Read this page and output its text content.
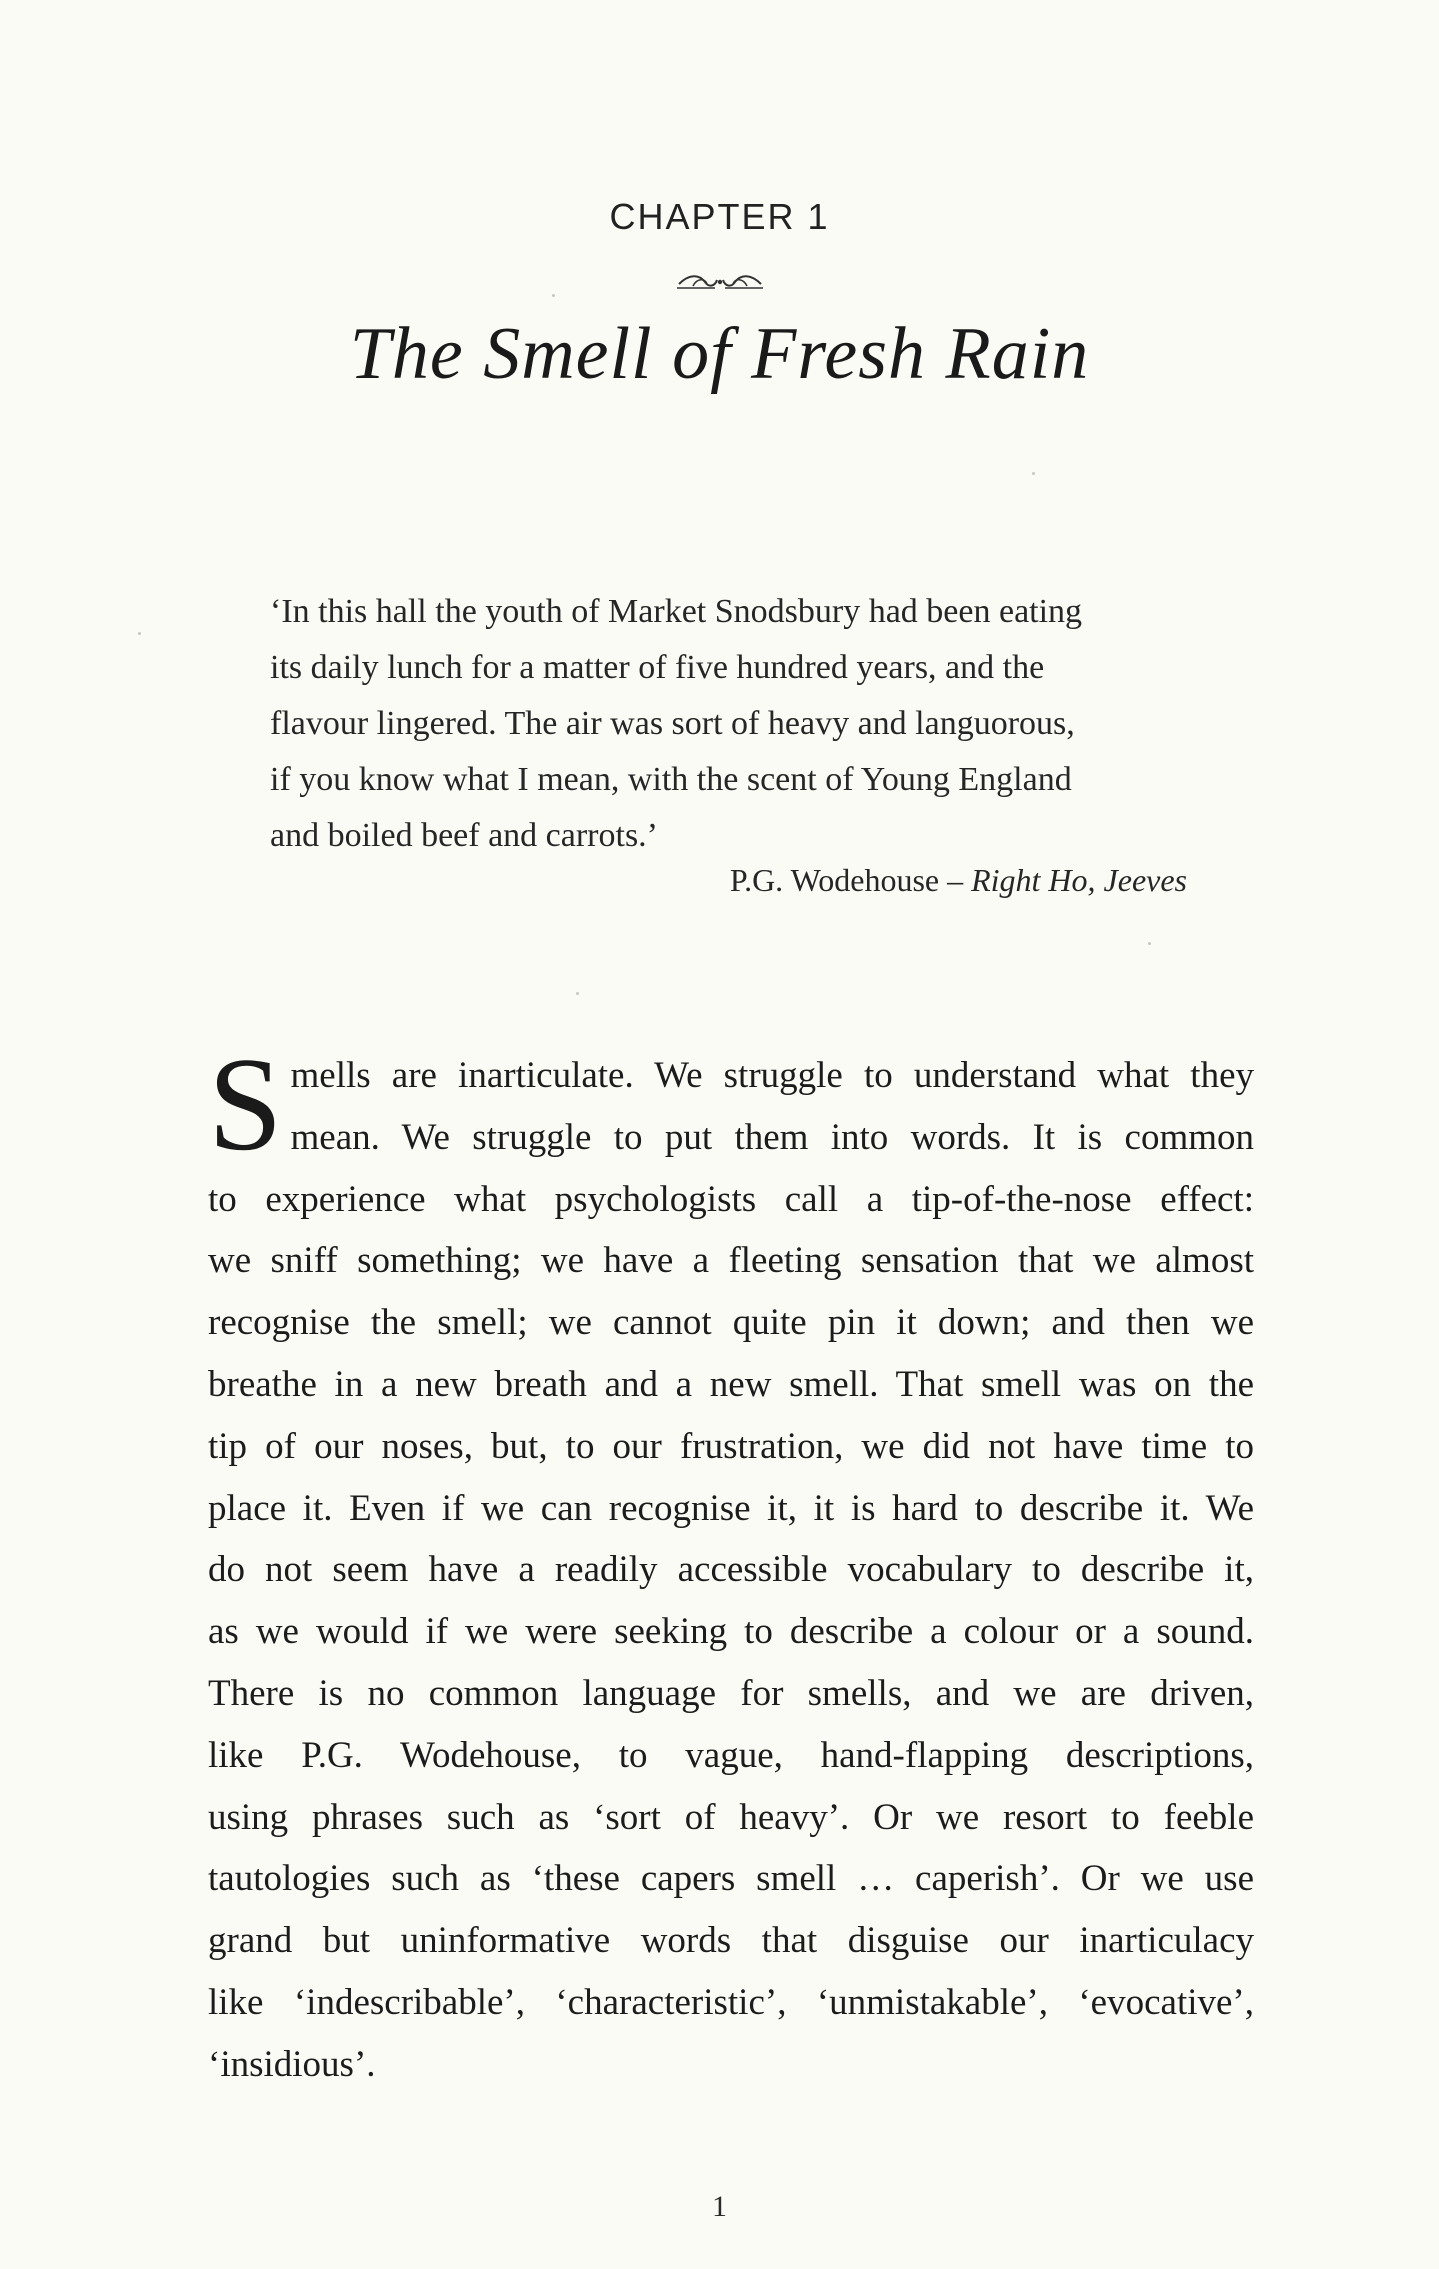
CHAPTER 1
The Smell of Fresh Rain
‘In this hall the youth of Market Snodsbury had been eating
its daily lunch for a matter of five hundred years, and the
flavour lingered. The air was sort of heavy and languorous,
if you know what I mean, with the scent of Young England
and boiled beef and carrots.’
P.G. Wodehouse – Right Ho, Jeeves
S mells are inarticulate. We struggle to understand what they
mean. We struggle to put them into words. It is common
to experience what psychologists call a tip-of-the-nose effect:
we sniff something; we have a fleeting sensation that we almost
recognise the smell; we cannot quite pin it down; and then we
breathe in a new breath and a new smell. That smell was on the
tip of our noses, but, to our frustration, we did not have time to
place it. Even if we can recognise it, it is hard to describe it. We
do not seem have a readily accessible vocabulary to describe it,
as we would if we were seeking to describe a colour or a sound.
There is no common language for smells, and we are driven,
like P.G. Wodehouse, to vague, hand-flapping descriptions,
using phrases such as ‘sort of heavy’. Or we resort to feeble
tautologies such as ‘these capers smell … caperish’. Or we use
grand but uninformative words that disguise our inarticulacy
like ‘indescribable’, ‘characteristic’, ‘unmistakable’, ‘evocative’,
‘insidious’.
1
